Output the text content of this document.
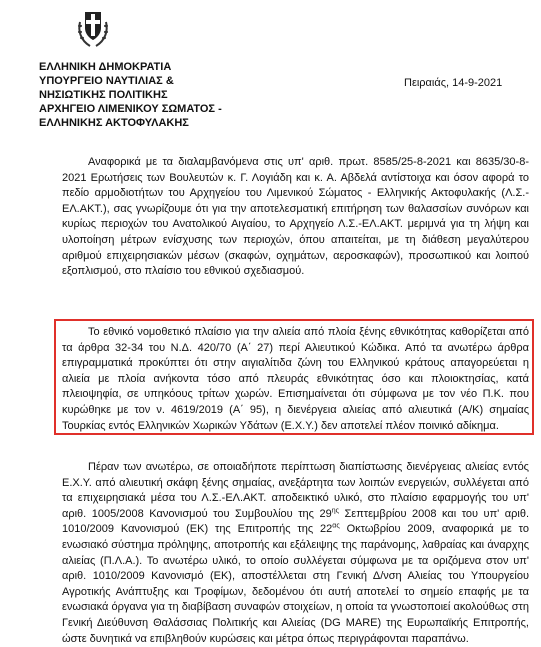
ΕΛΛΗΝΙΚΗ ΔΗΜΟΚΡΑΤΙΑ
ΥΠΟΥΡΓΕΙΟ ΝΑΥΤΙΛΙΑΣ &
ΝΗΣΙΩΤΙΚΗΣ ΠΟΛΙΤΙΚΗΣ
ΑΡΧΗΓΕΙΟ ΛΙΜΕΝΙΚΟΥ ΣΩΜΑΤΟΣ -
ΕΛΛΗΝΙΚΗΣ ΑΚΤΟΦΥΛΑΚΗΣ
Πειραιάς, 14-9-2021

Αναφορικά με τα διαλαμβανόμενα στις υπ' αριθ. πρωτ. 8585/25-8-2021 και 8635/30-8-2021 Ερωτήσεις των Βουλευτών κ. Γ. Λογιάδη και κ. Α. Αβδελά αντίστοιχα και όσον αφορά το πεδίο αρμοδιοτήτων του Αρχηγείου του Λιμενικού Σώματος - Ελληνικής Ακτοφυλακής (Λ.Σ.-ΕΛ.ΑΚΤ.), σας γνωρίζουμε ότι για την αποτελεσματική επιτήρηση των θαλασσίων συνόρων και κυρίως περιοχών του Ανατολικού Αιγαίου, το Αρχηγείο Λ.Σ.-ΕΛ.ΑΚΤ. μεριμνά για τη λήψη και υλοποίηση μέτρων ενίσχυσης των περιοχών, όπου απαιτείται, με τη διάθεση μεγαλύτερου αριθμού επιχειρησιακών μέσων (σκαφών, οχημάτων, αεροσκαφών), προσωπικού και λοιπού εξοπλισμού, στο πλαίσιο του εθνικού σχεδιασμού.

Το εθνικό νομοθετικό πλαίσιο για την αλιεία από πλοία ξένης εθνικότητας καθορίζεται από τα άρθρα 32-34 του Ν.Δ. 420/70 (Α΄ 27) περί Αλιευτικού Κώδικα. Από τα ανωτέρω άρθρα επιγραμματικά προκύπτει ότι στην αιγιαλίτιδα ζώνη του Ελληνικού κράτους απαγορεύεται η αλιεία με πλοία ανήκοντα τόσο από πλευράς εθνικότητας όσο και πλοιοκτησίας, κατά πλειοψηφία, σε υπηκόους τρίτων χωρών. Επισημαίνεται ότι σύμφωνα με τον νέο Π.Κ. που κυρώθηκε με τον ν. 4619/2019 (Α΄ 95), η διενέργεια αλιείας από αλιευτικά (Α/Κ) σημαίας Τουρκίας εντός Ελληνικών Χωρικών Υδάτων (Ε.Χ.Υ.) δεν αποτελεί πλέον ποινικό αδίκημα.

Πέραν των ανωτέρω, σε οποιαδήποτε περίπτωση διαπίστωσης διενέργειας αλιείας εντός Ε.Χ.Υ. από αλιευτική σκάφη ξένης σημαίας, ανεξάρτητα των λοιπών ενεργειών, συλλέγεται από τα επιχειρησιακά μέσα του Λ.Σ.-ΕΛ.ΑΚΤ. αποδεικτικό υλικό, στο πλαίσιο εφαρμογής του υπ' αριθ. 1005/2008 Κανονισμού του Συμβουλίου της $29^{\eta\varsigma}$ Σεπτεμβρίου 2008 και του υπ' αριθ. 1010/2009 Κανονισμού (ΕΚ) της Επιτροπής της $22^{\alpha\varsigma}$ Οκτωβρίου 2009, αναφορικά με το ενωσιακό σύστημα πρόληψης, αποτροπής και εξάλειψης της παράνομης, λαθραίας και άναρχης αλιείας (Π.Λ.Α.). Το ανωτέρω υλικό, το οποίο συλλέγεται σύμφωνα με τα οριζόμενα στον υπ' αριθ. 1010/2009 Κανονισμό (ΕΚ), αποστέλλεται στη Γενική Δ/νση Αλιείας του Υπουργείου Αγροτικής Ανάπτυξης και Τροφίμων, δεδομένου ότι αυτή αποτελεί το σημείο επαφής με τα ενωσιακά όργανα για τη διαβίβαση συναφών στοιχείων, η οποία τα γνωστοποιεί ακολούθως στη Γενική Διεύθυνση Θαλάσσιας Πολιτικής και Αλιείας (DG MARE) της Ευρωπαϊκής Επιτροπής, ώστε δυνητικά να επιβληθούν κυρώσεις και μέτρα όπως περιγράφονται παραπάνω.
